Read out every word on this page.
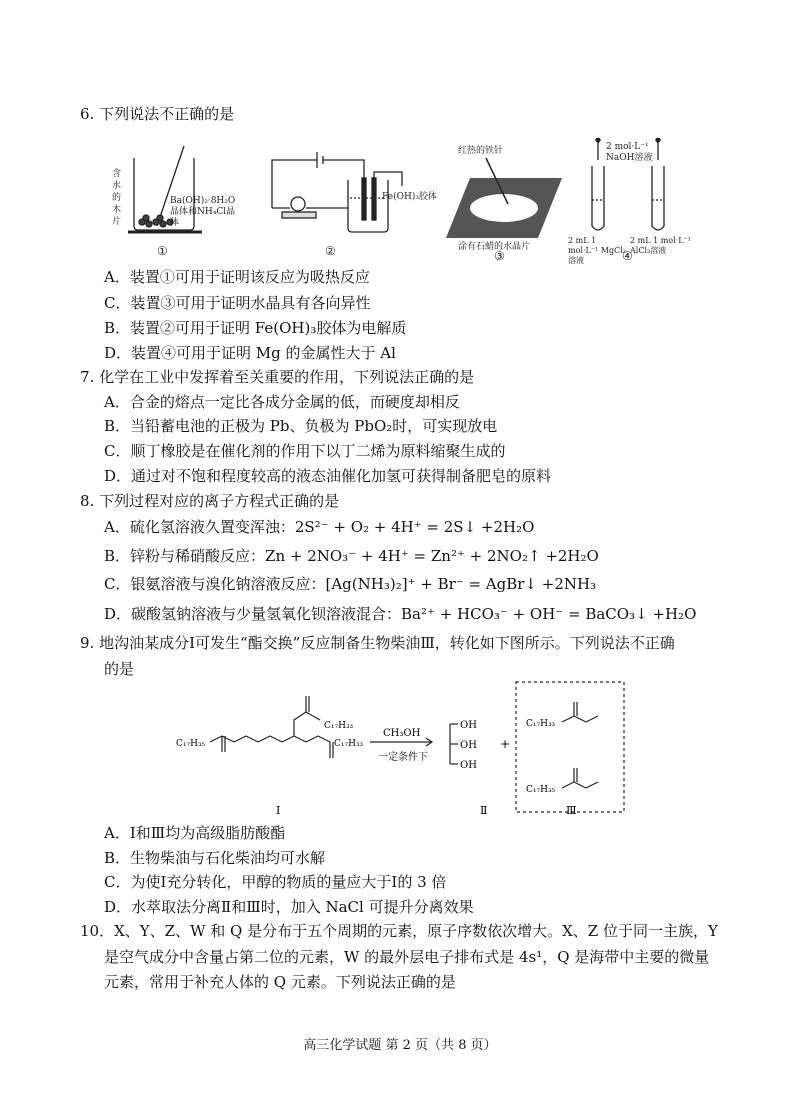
6. 下列说法不正确的是
含水的木片
Ba(OH)₂·8H₂O晶体和NH₄Cl晶体
①
Fe(OH)₃胶体
②
红热的铁针
涂有石蜡的水晶片
③
2 mol·L⁻¹ NaOH溶液
2 mL 1 mol·L⁻¹ MgCl₂溶液
2 mL 1 mol·L⁻¹ AlCl₃溶液
④
A．装置①可用于证明该反应为吸热反应
C．装置③可用于证明水晶具有各向异性
B．装置②可用于证明 Fe(OH)₃胶体为电解质
D．装置④可用于证明 Mg 的金属性大于 Al
7. 化学在工业中发挥着至关重要的作用，下列说法正确的是
A．合金的熔点一定比各成分金属的低，而硬度却相反
B．当铅蓄电池的正极为 Pb、负极为 PbO₂时，可实现放电
C．顺丁橡胶是在催化剂的作用下以丁二烯为原料缩聚生成的
D．通过对不饱和程度较高的液态油催化加氢可获得制备肥皂的原料
8. 下列过程对应的离子方程式正确的是
A．硫化氢溶液久置变浑浊：2S²⁻ + O₂ + 4H⁺ = 2S↓ +2H₂O
B．锌粉与稀硝酸反应：Zn + 2NO₃⁻ + 4H⁺ = Zn²⁺ + 2NO₂↑ +2H₂O
C．银氨溶液与溴化钠溶液反应：[Ag(NH₃)₂]⁺ + Br⁻ = AgBr↓ +2NH₃
D．碳酸氢钠溶液与少量氢氧化钡溶液混合：Ba²⁺ + HCO₃⁻ + OH⁻ = BaCO₃↓ +H₂O
9. 地沟油某成分Ⅰ可发生“酯交换”反应制备生物柴油Ⅲ，转化如下图所示。下列说法不正确
的是
C₁₇H₃₅
C₁₇H₃₃
C₁₇H₃₃
CH₃OH
一定条件下
OH
OH
OH
+
C₁₇H₃₃
C₁₇H₃₅
Ⅰ	Ⅱ	Ⅲ
A．Ⅰ和Ⅲ均为高级脂肪酸酯
B．生物柴油与石化柴油均可水解
C．为使Ⅰ充分转化，甲醇的物质的量应大于Ⅰ的 3 倍
D．水萃取法分离Ⅱ和Ⅲ时，加入 NaCl 可提升分离效果
10．X、Y、Z、W 和 Q 是分布于五个周期的元素，原子序数依次增大。X、Z 位于同一主族，Y
是空气成分中含量占第二位的元素，W 的最外层电子排布式是 4s¹，Q 是海带中主要的微量
元素，常用于补充人体的 Q 元素。下列说法正确的是
高三化学试题 第 2 页（共 8 页）
